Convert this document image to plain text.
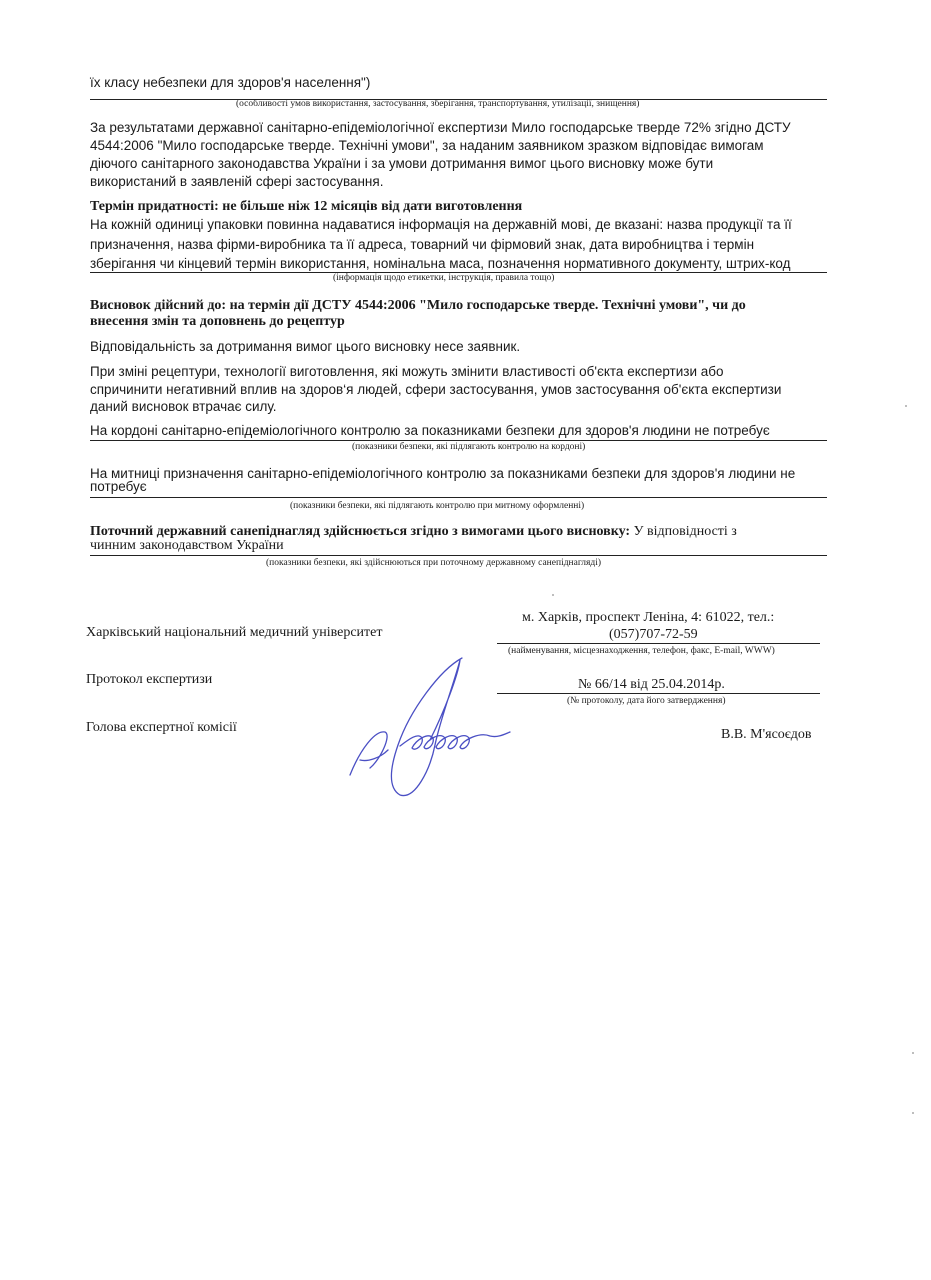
їх класу небезпеки для здоров'я населення")
(особливості умов використання, застосування, зберігання, транспортування, утилізації, знищення)
За результатами державної санітарно-епідеміологічної експертизи Мило господарське тверде 72% згідно ДСТУ
4544:2006 "Мило господарське тверде. Технічні умови", за наданим заявником зразком відповідає вимогам
діючого санітарного законодавства України і за умови дотримання вимог цього висновку може бути
використаний в заявленій сфері застосування.
Термін придатності: не більше ніж 12 місяців від дати виготовлення
На кожній одиниці упаковки повинна надаватися інформація на державній мові, де вказані: назва продукції та її
призначення, назва фірми-виробника та її адреса, товарний чи фірмовий знак, дата виробництва і термін
зберігання чи кінцевий термін використання, номінальна маса, позначення нормативного документу, штрих-код
(інформація щодо етикетки, інструкція, правила тощо)
Висновок дійсний до: на термін дії ДСТУ 4544:2006 "Мило господарське тверде. Технічні умови", чи до
внесення змін та доповнень до рецептур
Відповідальність за дотримання вимог цього висновку несе заявник.
При зміні рецептури, технології виготовлення, які можуть змінити властивості об'єкта експертизи або
спричинити негативний вплив на здоров‘я людей, сфери застосування, умов застосування об'єкта експертизи
даний висновок втрачає силу.
На кордоні санітарно-епідеміологічного контролю за показниками безпеки для здоров'я людини не потребує
(показники безпеки, які підлягають контролю на кордоні)
На митниці призначення санітарно-епідеміологічного контролю за показниками безпеки для здоров'я людини не
потребує
(показники безпеки, які підлягають контролю при митному оформленні)
Поточний державний санепіднагляд здійснюється згідно з вимогами цього висновку: У відповідності з
чинним законодавством України
(показники безпеки, які здійснюються при поточному державному санепіднагляді)
Харківський національний медичний університет
м. Харків, проспект Леніна, 4: 61022, тел.:
(057)707-72-59
(найменування, місцезнаходження, телефон, факс, E-mail, WWW)
Протокол експертизи	№ 66/14 від 25.04.2014р.
(№ протоколу, дата його затвердження)
Голова експертної комісії	В.В. М'ясоєдов
